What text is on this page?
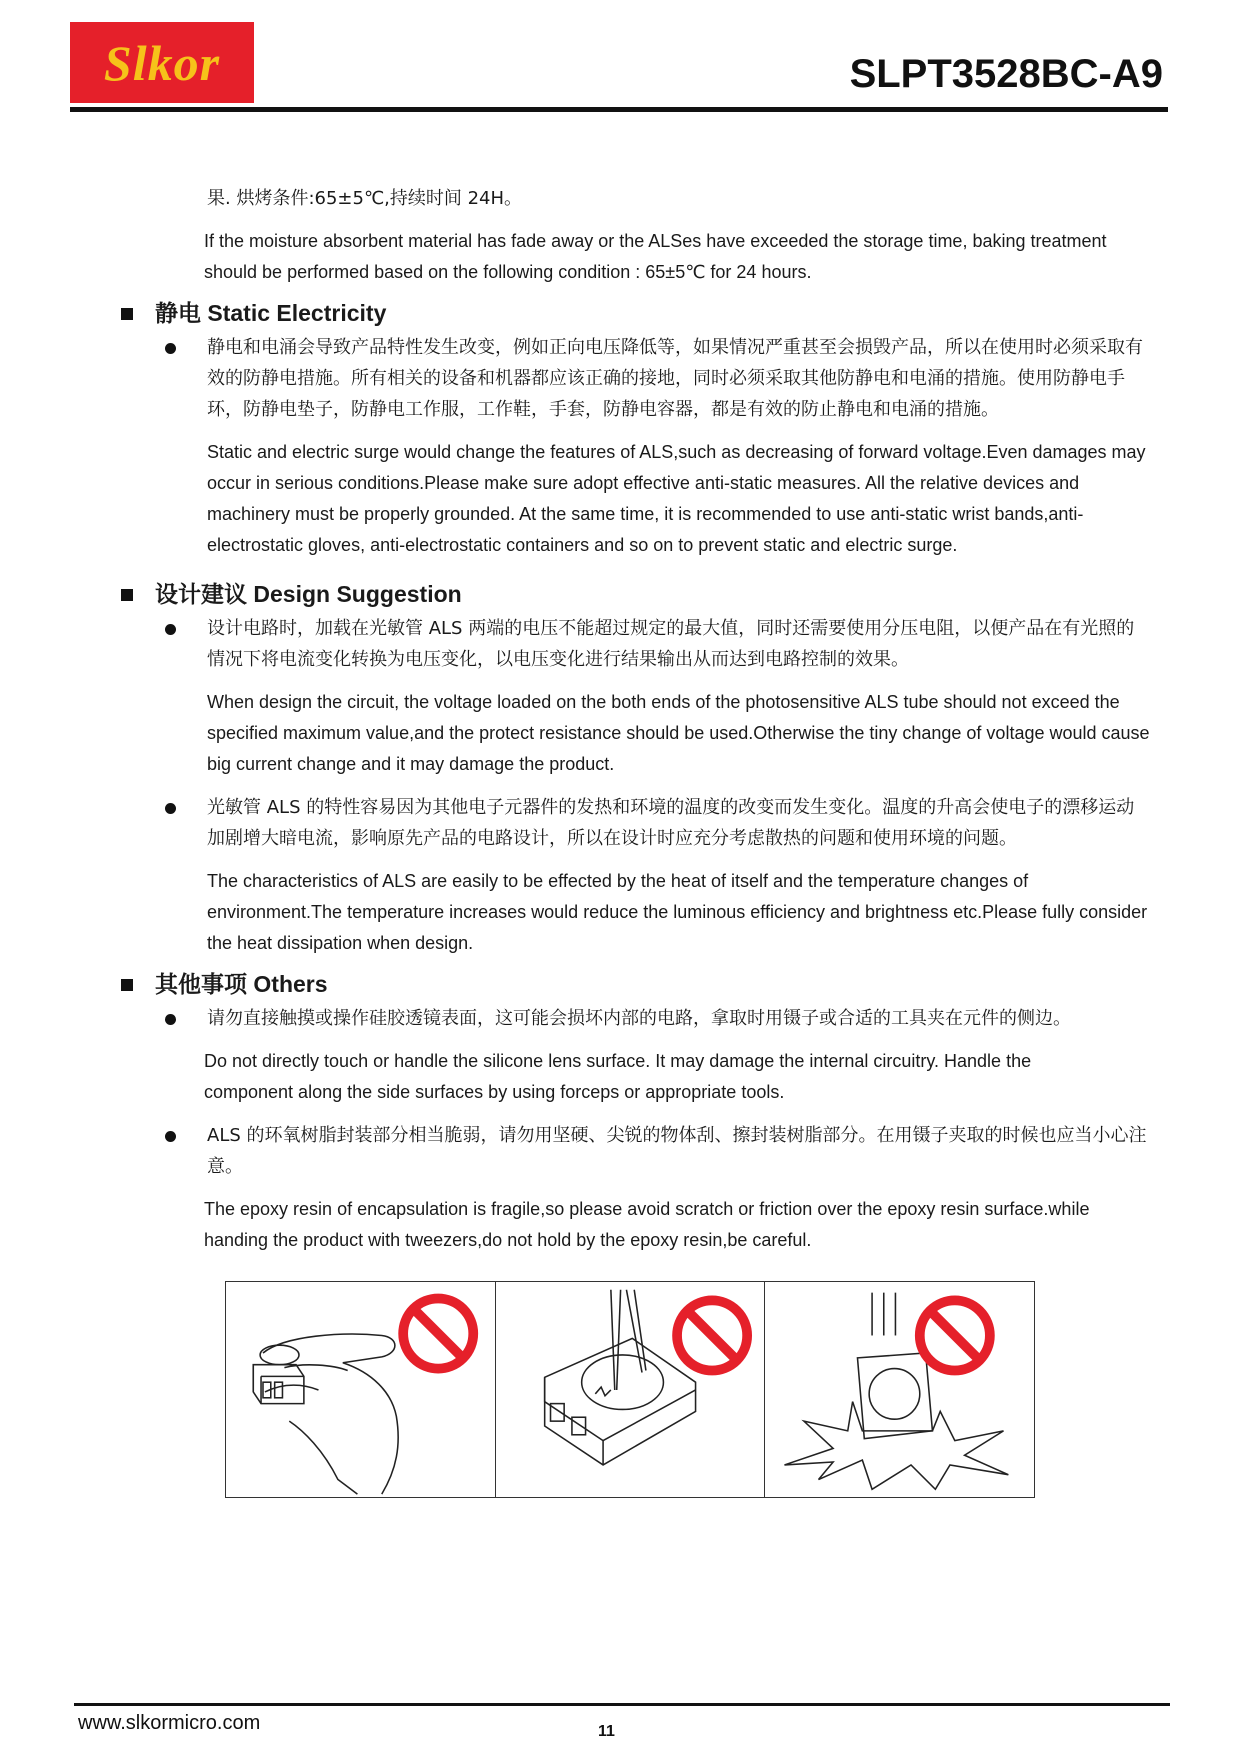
Slkor	SLPT3528BC-A9

果. 烘烤条件:65±5℃,持续时间 24H。

If the moisture absorbent material has fade away or the ALSes have exceeded the storage time, baking treatment should be performed based on the following condition : 65±5℃ for 24 hours.

静电 Static Electricity

静电和电涌会导致产品特性发生改变，例如正向电压降低等，如果情况严重甚至会损毁产品，所以在使用时必须采取有效的防静电措施。所有相关的设备和机器都应该正确的接地，同时必须采取其他防静电和电涌的措施。使用防静电手环，防静电垫子，防静电工作服，工作鞋，手套，防静电容器，都是有效的防止静电和电涌的措施。

Static and electric surge would change the features of ALS,such as decreasing of forward voltage.Even damages may occur in serious conditions.Please make sure adopt effective anti-static measures. All the relative devices and machinery must be properly grounded. At the same time, it is recommended to use anti-static wrist bands,anti-electrostatic gloves, anti-electrostatic containers and so on to prevent static and electric surge.

设计建议 Design Suggestion

设计电路时，加载在光敏管 ALS 两端的电压不能超过规定的最大值，同时还需要使用分压电阻，以便产品在有光照的情况下将电流变化转换为电压变化，以电压变化进行结果输出从而达到电路控制的效果。

When design the circuit, the voltage loaded on the both ends of the photosensitive ALS tube should not exceed the specified maximum value,and the protect resistance should be used.Otherwise the tiny change of voltage would cause big current change and it may damage the product.

光敏管 ALS 的特性容易因为其他电子元器件的发热和环境的温度的改变而发生变化。温度的升高会使电子的漂移运动加剧增大暗电流，影响原先产品的电路设计，所以在设计时应充分考虑散热的问题和使用环境的问题。

The characteristics of ALS are easily to be effected by the heat of itself and the temperature changes of environment.The temperature increases would reduce the luminous efficiency and brightness etc.Please fully consider the heat dissipation when design.

其他事项 Others

请勿直接触摸或操作硅胶透镜表面，这可能会损坏内部的电路，拿取时用镊子或合适的工具夹在元件的侧边。

Do not directly touch or handle the silicone lens surface. It may damage the internal circuitry. Handle the component along the side surfaces by using forceps or appropriate tools.

ALS 的环氧树脂封装部分相当脆弱，请勿用坚硬、尖锐的物体刮、擦封装树脂部分。在用镊子夹取的时候也应当小心注意。

The epoxy resin of encapsulation is fragile,so please avoid scratch or friction over the epoxy resin surface.while handing the product with tweezers,do not hold by the epoxy resin,be careful.

www.slkormicro.com	11
